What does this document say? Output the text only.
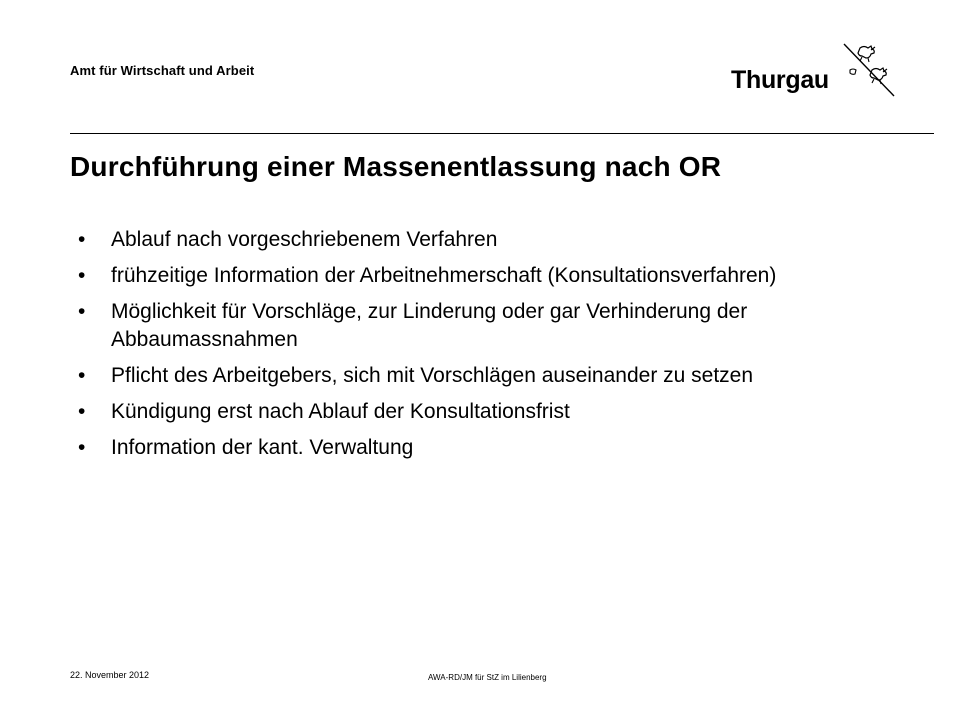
Amt für Wirtschaft und Arbeit	Thurgau
Durchführung einer Massenentlassung nach OR
• Ablauf nach vorgeschriebenem Verfahren
• frühzeitige Information der Arbeitnehmerschaft (Konsultationsverfahren)
• Möglichkeit für Vorschläge, zur Linderung oder gar Verhinderung der Abbaumassnahmen
• Pflicht des Arbeitgebers, sich mit Vorschlägen auseinander zu setzen
• Kündigung erst nach Ablauf der Konsultationsfrist
• Information der kant. Verwaltung
22. November 2012	AWA-RD/JM für StZ im Lilienberg
